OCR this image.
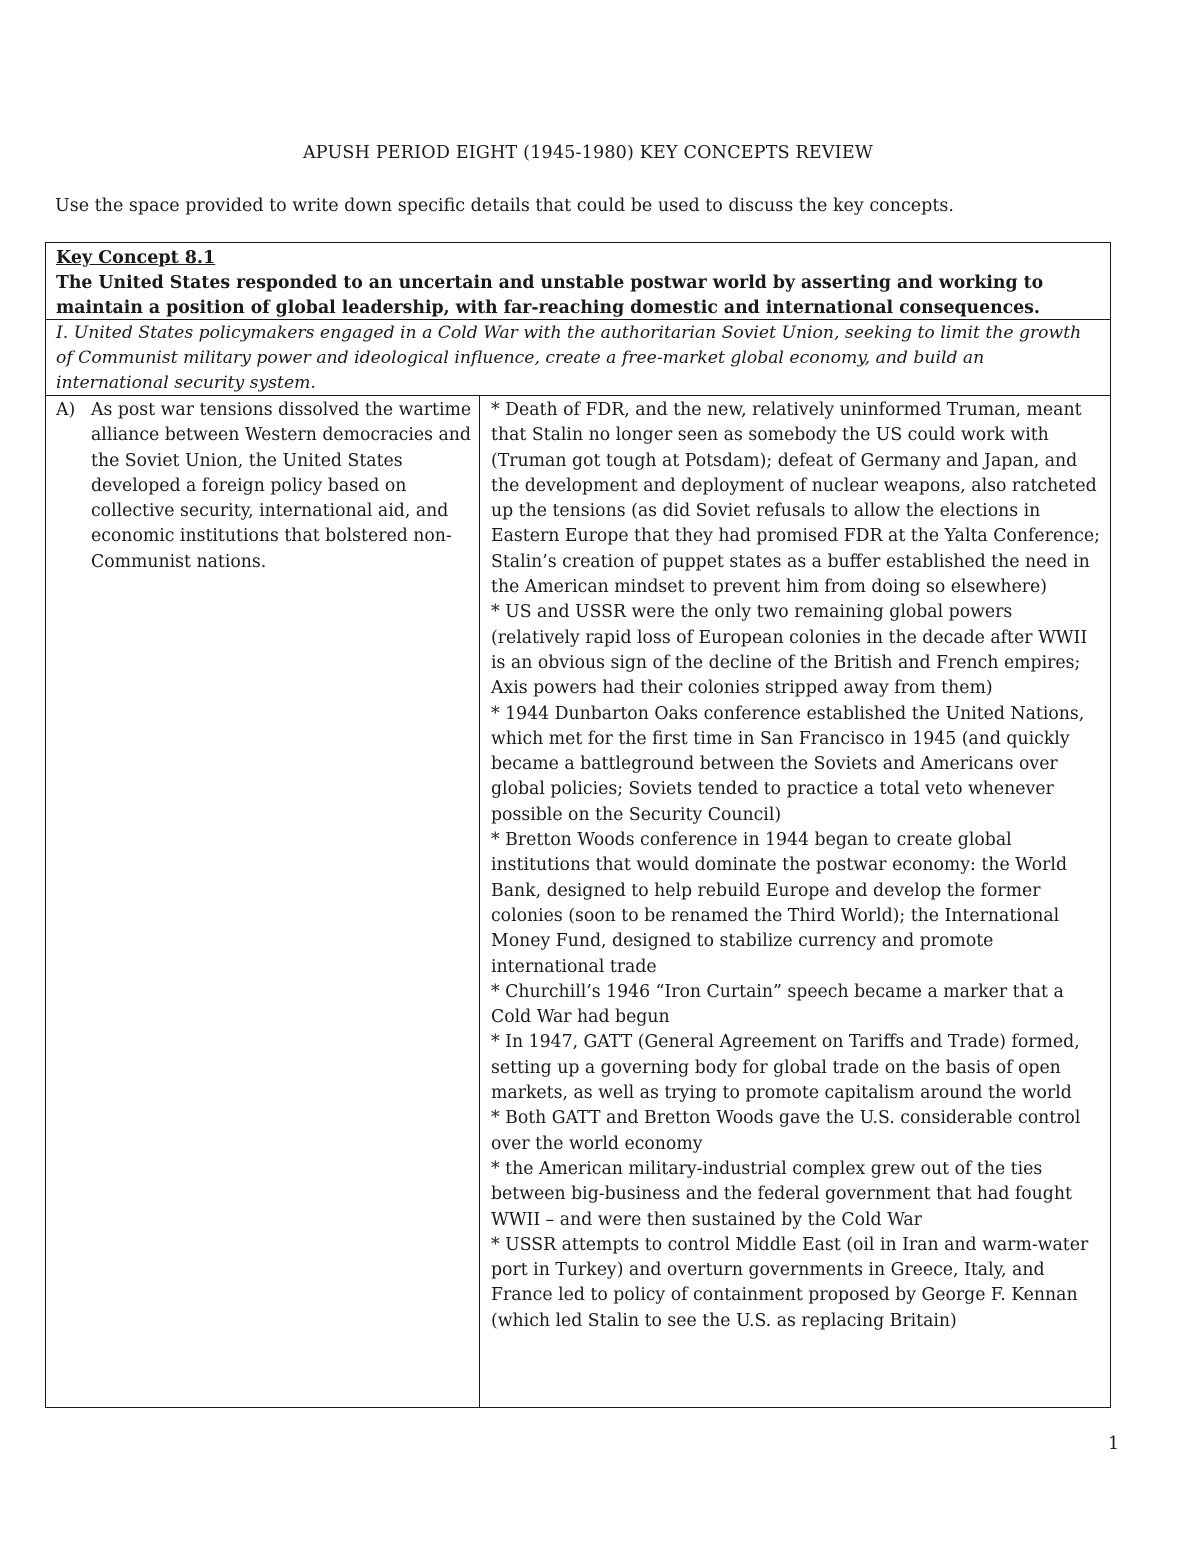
APUSH PERIOD EIGHT (1945-1980) KEY CONCEPTS REVIEW
Use the space provided to write down specific details that could be used to discuss the key concepts.
Key Concept 8.1
The United States responded to an uncertain and unstable postwar world by asserting and working to maintain a position of global leadership, with far-reaching domestic and international consequences.
I. United States policymakers engaged in a Cold War with the authoritarian Soviet Union, seeking to limit the growth of Communist military power and ideological influence, create a free-market global economy, and build an international security system.
A) As post war tensions dissolved the wartime alliance between Western democracies and the Soviet Union, the United States developed a foreign policy based on collective security, international aid, and economic institutions that bolstered non-Communist nations.

* Death of FDR, and the new, relatively uninformed Truman, meant that Stalin no longer seen as somebody the US could work with (Truman got tough at Potsdam); defeat of Germany and Japan, and the development and deployment of nuclear weapons, also ratcheted up the tensions (as did Soviet refusals to allow the elections in Eastern Europe that they had promised FDR at the Yalta Conference; Stalin’s creation of puppet states as a buffer established the need in the American mindset to prevent him from doing so elsewhere)

* US and USSR were the only two remaining global powers (relatively rapid loss of European colonies in the decade after WWII is an obvious sign of the decline of the British and French empires; Axis powers had their colonies stripped away from them)

* 1944 Dunbarton Oaks conference established the United Nations, which met for the first time in San Francisco in 1945 (and quickly became a battleground between the Soviets and Americans over global policies; Soviets tended to practice a total veto whenever possible on the Security Council)

* Bretton Woods conference in 1944 began to create global institutions that would dominate the postwar economy: the World Bank, designed to help rebuild Europe and develop the former colonies (soon to be renamed the Third World); the International Money Fund, designed to stabilize currency and promote international trade

* Churchill’s 1946 “Iron Curtain” speech became a marker that a Cold War had begun

* In 1947, GATT (General Agreement on Tariffs and Trade) formed, setting up a governing body for global trade on the basis of open markets, as well as trying to promote capitalism around the world

* Both GATT and Bretton Woods gave the U.S. considerable control over the world economy

* the American military-industrial complex grew out of the ties between big-business and the federal government that had fought WWII – and were then sustained by the Cold War

* USSR attempts to control Middle East (oil in Iran and warm-water port in Turkey) and overturn governments in Greece, Italy, and France led to policy of containment proposed by George F. Kennan (which led Stalin to see the U.S. as replacing Britain)

1
